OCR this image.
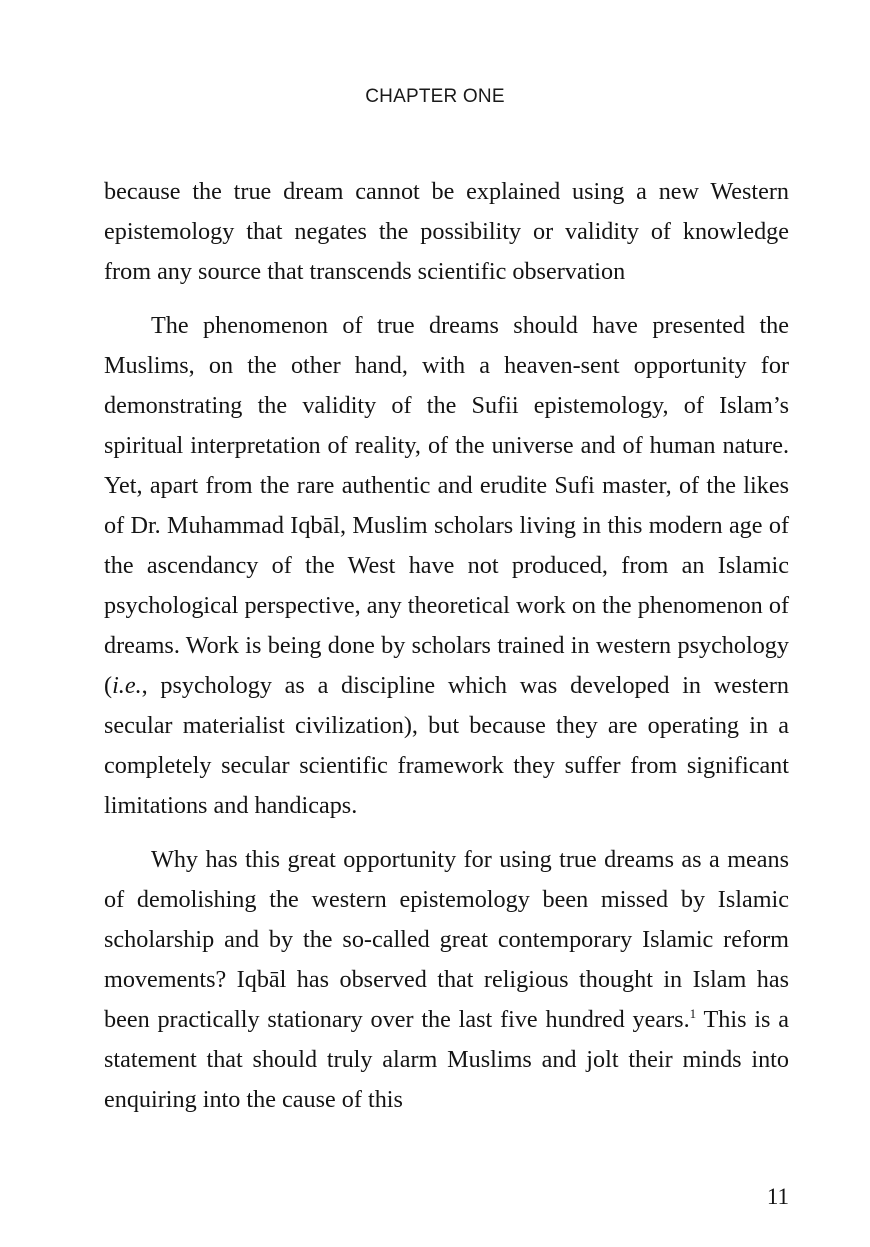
CHAPTER ONE

because the true dream cannot be explained using a new Western epistemology that negates the possibility or validity of knowledge from any source that transcends scientific observation

The phenomenon of true dreams should have presented the Muslims, on the other hand, with a heaven-sent opportunity for demonstrating the validity of the Sufii epistemology, of Islam’s spiritual interpretation of reality, of the universe and of human nature. Yet, apart from the rare authentic and erudite Sufi master, of the likes of Dr. Muhammad Iqbāl, Muslim scholars living in this modern age of the ascendancy of the West have not produced, from an Islamic psychological perspective, any theoretical work on the phenomenon of dreams. Work is being done by scholars trained in western psychology (i.e., psychology as a discipline which was developed in western secular materialist civilization), but because they are operating in a completely secular scientific framework they suffer from significant limitations and handicaps.

Why has this great opportunity for using true dreams as a means of demolishing the western epistemology been missed by Islamic scholarship and by the so-called great contemporary Islamic reform movements? Iqbāl has observed that religious thought in Islam has been practically stationary over the last five hundred years.$^1$ This is a statement that should truly alarm Muslims and jolt their minds into enquiring into the cause of this

11
